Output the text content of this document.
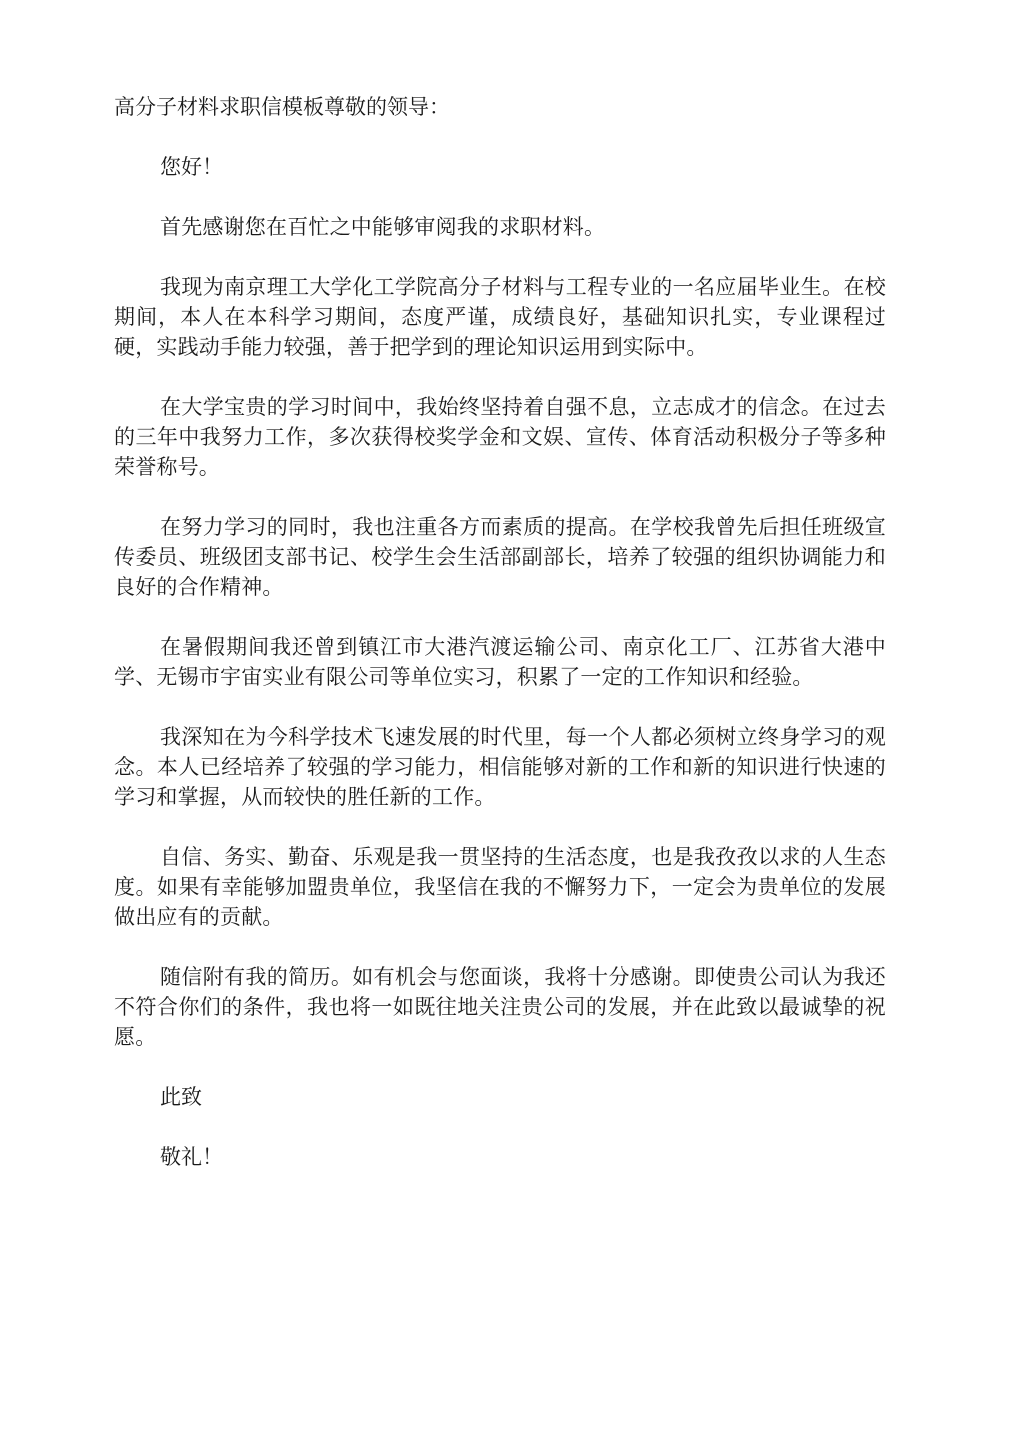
高分子材料求职信模板尊敬的领导：
您好！
首先感谢您在百忙之中能够审阅我的求职材料。
我现为南京理工大学化工学院高分子材料与工程专业的一名应届毕业生。在校期间，本人在本科学习期间，态度严谨，成绩良好，基础知识扎实，专业课程过硬，实践动手能力较强，善于把学到的理论知识运用到实际中。
在大学宝贵的学习时间中，我始终坚持着自强不息，立志成才的信念。在过去的三年中我努力工作，多次获得校奖学金和文娱、宣传、体育活动积极分子等多种荣誉称号。
在努力学习的同时，我也注重各方而素质的提高。在学校我曾先后担任班级宣传委员、班级团支部书记、校学生会生活部副部长，培养了较强的组织协调能力和良好的合作精神。
在暑假期间我还曾到镇江市大港汽渡运输公司、南京化工厂、江苏省大港中学、无锡市宇宙实业有限公司等单位实习，积累了一定的工作知识和经验。
我深知在为今科学技术飞速发展的时代里，每一个人都必须树立终身学习的观念。本人已经培养了较强的学习能力，相信能够对新的工作和新的知识进行快速的学习和掌握，从而较快的胜任新的工作。
自信、务实、勤奋、乐观是我一贯坚持的生活态度，也是我孜孜以求的人生态度。如果有幸能够加盟贵单位，我坚信在我的不懈努力下，一定会为贵单位的发展做出应有的贡献。
随信附有我的简历。如有机会与您面谈，我将十分感谢。即使贵公司认为我还不符合你们的条件，我也将一如既往地关注贵公司的发展，并在此致以最诚挚的祝愿。
此致
敬礼！
